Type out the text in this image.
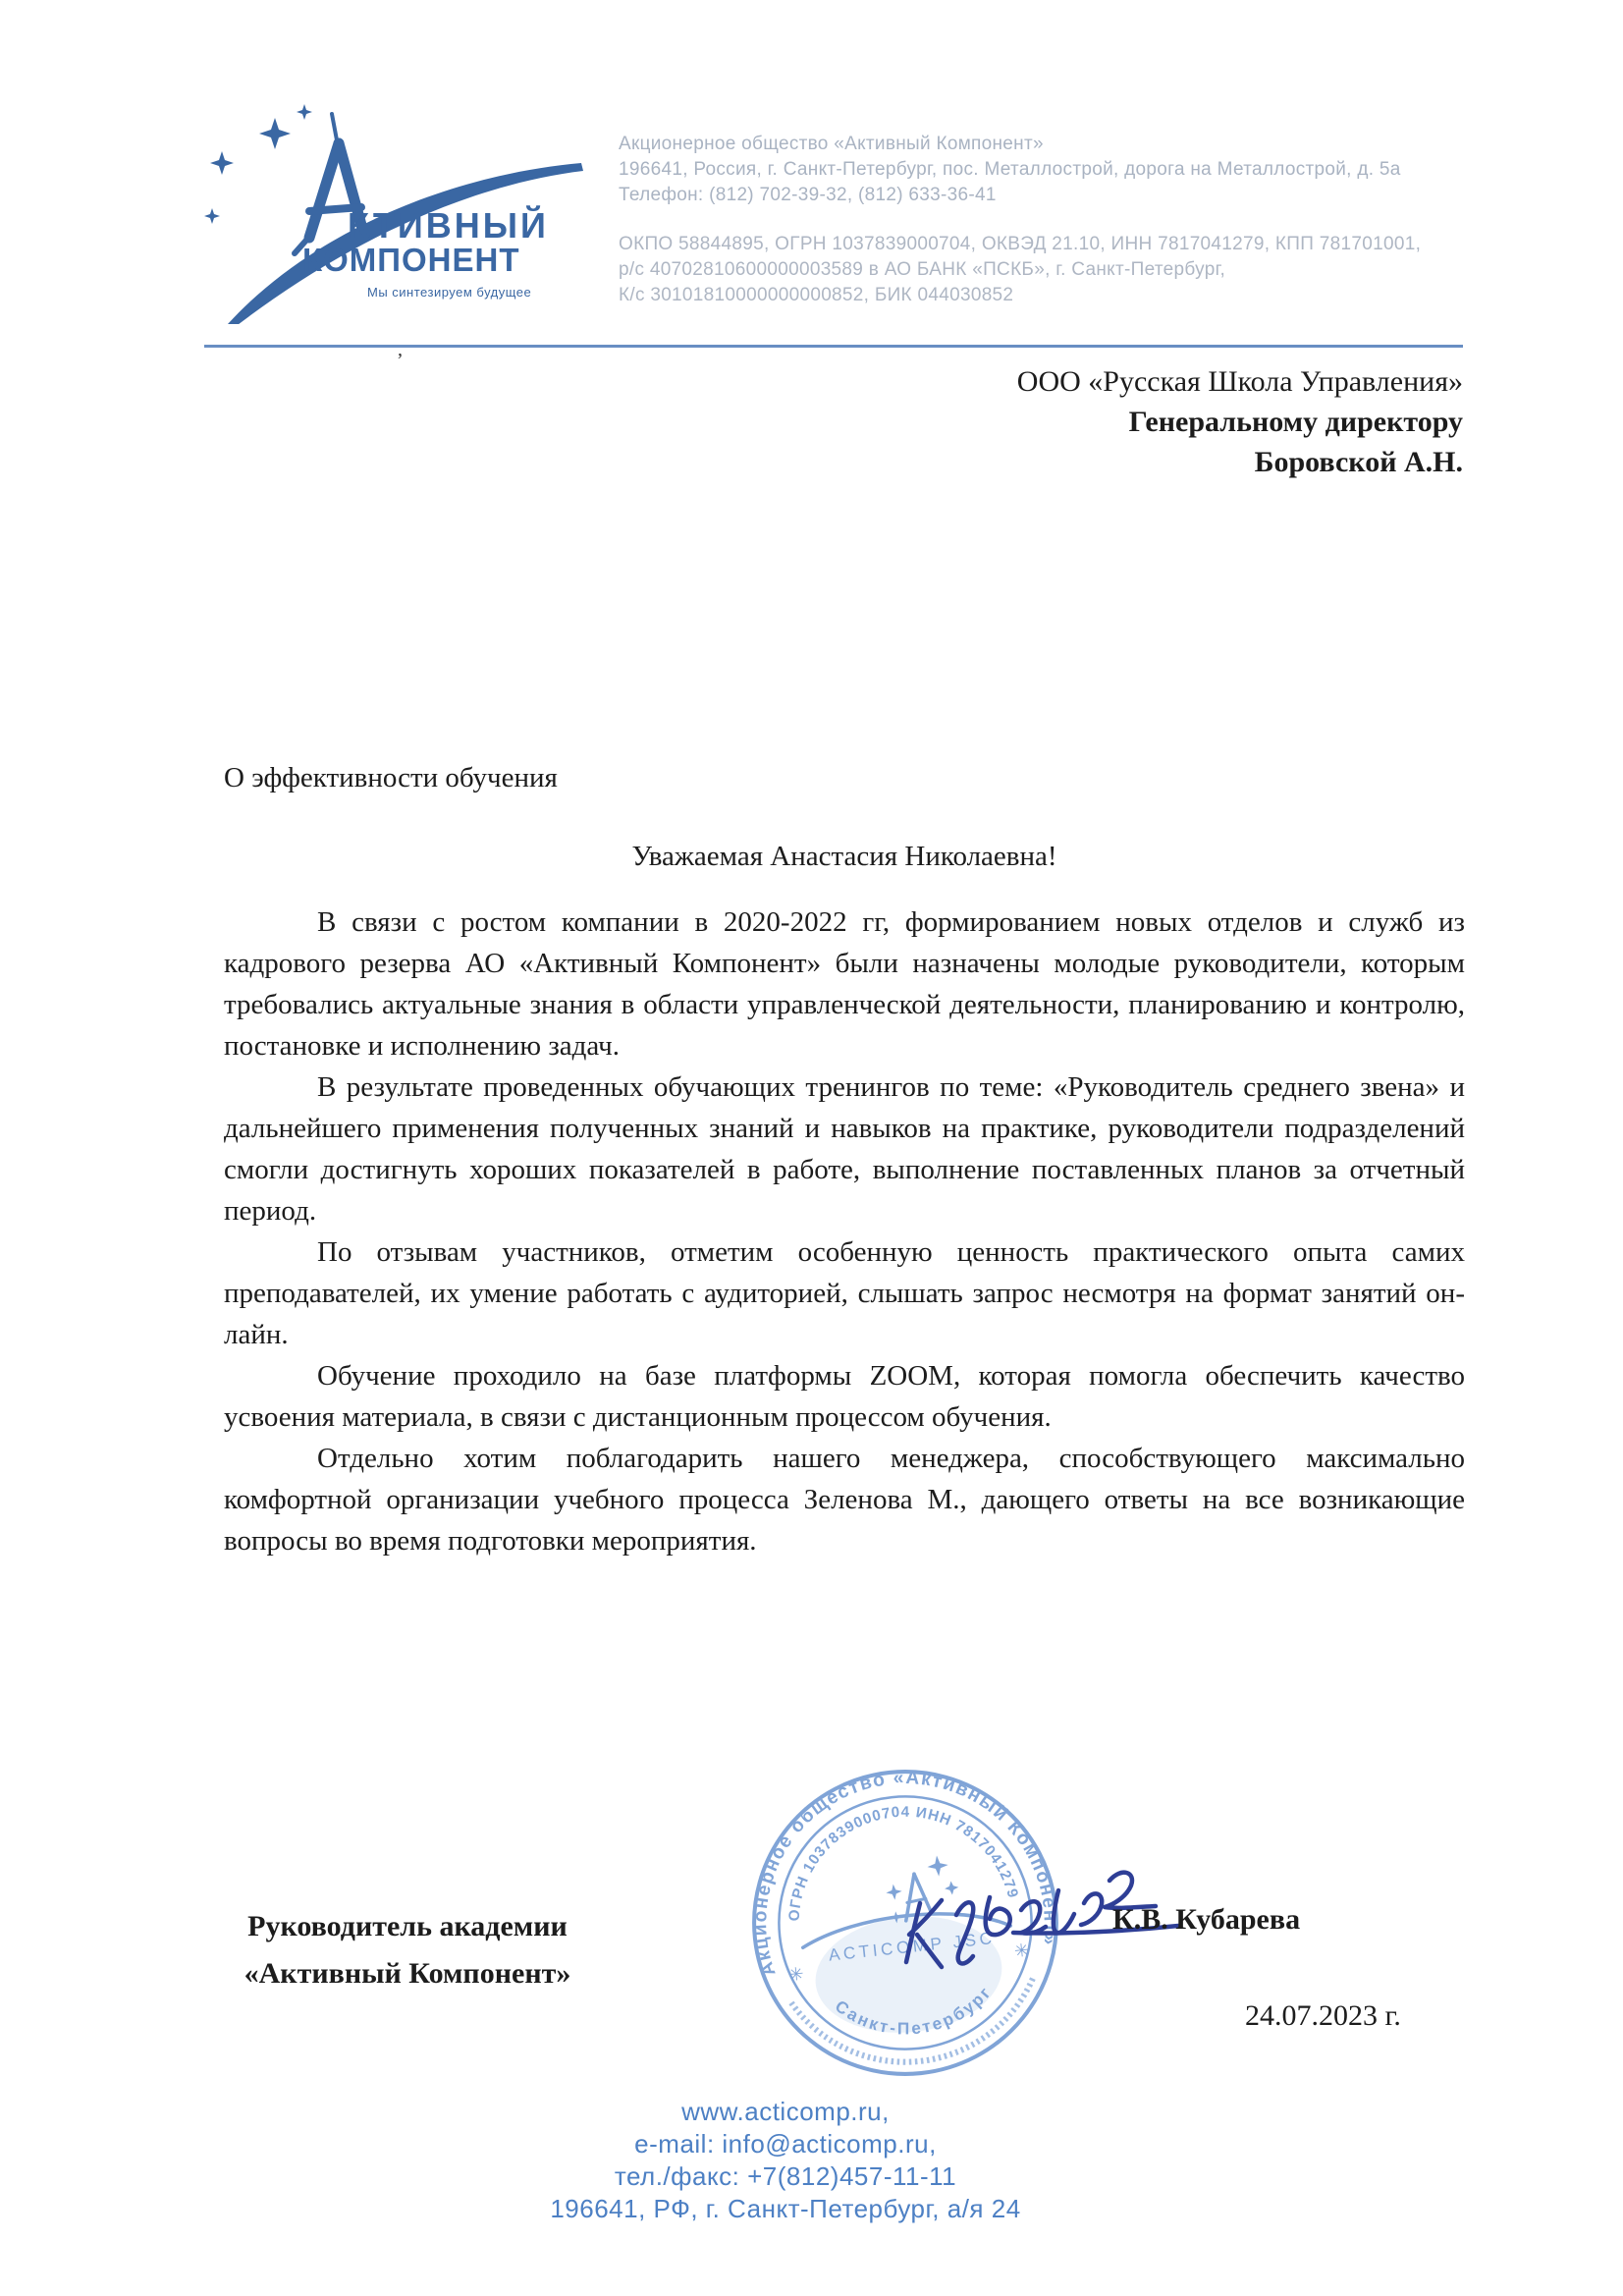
КТИВНЫЙ
КОМПОНЕНТ
Мы синтезируем будущее
Акционерное общество «Активный Компонент»
196641, Россия, г. Санкт-Петербург, пос. Металлострой, дорога на Металлострой, д. 5а
Телефон: (812) 702-39-32, (812) 633-36-41
ОКПО 58844895, ОГРН 1037839000704, ОКВЭД 21.10, ИНН 7817041279, КПП 781701001,
р/с 40702810600000003589 в АО БАНК «ПСКБ», г. Санкт-Петербург,
К/с 30101810000000000852, БИК 044030852
’
ООО «Русская Школа Управления»
Генеральному директору
Боровской А.Н.
О эффективности обучения
Уважаемая Анастасия Николаевна!

В связи с ростом компании в 2020-2022 гг, формированием новых отделов и служб из кадрового резерва АО «Активный Компонент» были назначены молодые руководители, которым требовались актуальные знания в области управленческой деятельности, планированию и контролю, постановке и исполнению задач.

В результате проведенных обучающих тренингов по теме: «Руководитель среднего звена» и дальнейшего применения полученных знаний и навыков на практике, руководители подразделений смогли достигнуть хороших показателей в работе, выполнение поставленных планов за отчетный период.

По отзывам участников, отметим особенную ценность практического опыта самих преподавателей, их умение работать с аудиторией, слышать запрос несмотря на формат занятий он-лайн.

Обучение проходило на базе платформы ZOOM, которая помогла обеспечить качество усвоения материала, в связи с дистанционным процессом обучения.

Отдельно хотим поблагодарить нашего менеджера, способствующего максимально комфортной организации учебного процесса Зеленова М., дающего ответы на все возникающие вопросы во время подготовки мероприятия.

Акционерное общество «Активный Компонент»
ОГРН 1037839000704 ИНН 7817041279
Санкт-Петербург
✳
✳
ACTICOMP JSC
Руководитель академии
«Активный Компонент»
К.В. Кубарева
24.07.2023 г.
www.acticomp.ru,
e-mail: info@acticomp.ru,
тел./факс: +7(812)457-11-11
196641, РФ, г. Санкт-Петербург, а/я 24
